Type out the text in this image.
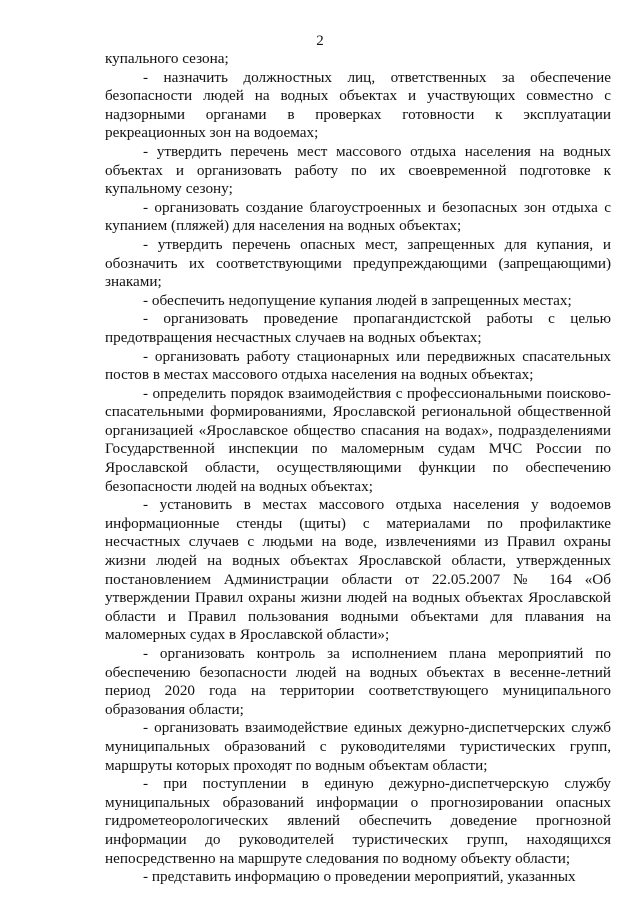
2

купального сезона;

- назначить должностных лиц, ответственных за обеспечение безопасности людей на водных объектах и участвующих совместно с надзорными органами в проверках готовности к эксплуатации рекреационных зон на водоемах;

- утвердить перечень мест массового отдыха населения на водных объектах и организовать работу по их своевременной подготовке к купальному сезону;

- организовать создание благоустроенных и безопасных зон отдыха с купанием (пляжей) для населения на водных объектах;

- утвердить перечень опасных мест, запрещенных для купания, и обозначить их соответствующими предупреждающими (запрещающими) знаками;

- обеспечить недопущение купания людей в запрещенных местах;

- организовать проведение пропагандистской работы с целью предотвращения несчастных случаев на водных объектах;

- организовать работу стационарных или передвижных спасательных постов в местах массового отдыха населения на водных объектах;

- определить порядок взаимодействия с профессиональными поисково-спасательными формированиями, Ярославской региональной общественной организацией «Ярославское общество спасания на водах», подразделениями Государственной инспекции по маломерным судам МЧС России по Ярославской области, осуществляющими функции по обеспечению безопасности людей на водных объектах;

- установить в местах массового отдыха населения у водоемов информационные стенды (щиты) с материалами по профилактике несчастных случаев с людьми на воде, извлечениями из Правил охраны жизни людей на водных объектах Ярославской области, утвержденных постановлением Администрации области от 22.05.2007 № 164 «Об утверждении Правил охраны жизни людей на водных объектах Ярославской области и Правил пользования водными объектами для плавания на маломерных судах в Ярославской области»;

- организовать контроль за исполнением плана мероприятий по обеспечению безопасности людей на водных объектах в весенне-летний период 2020 года на территории соответствующего муниципального образования области;

- организовать взаимодействие единых дежурно-диспетчерских служб муниципальных образований с руководителями туристических групп, маршруты которых проходят по водным объектам области;

- при поступлении в единую дежурно-диспетчерскую службу муниципальных образований информации о прогнозировании опасных гидрометеорологических явлений обеспечить доведение прогнозной информации до руководителей туристических групп, находящихся непосредственно на маршруте следования по водному объекту области;

- представить информацию о проведении мероприятий, указанных
